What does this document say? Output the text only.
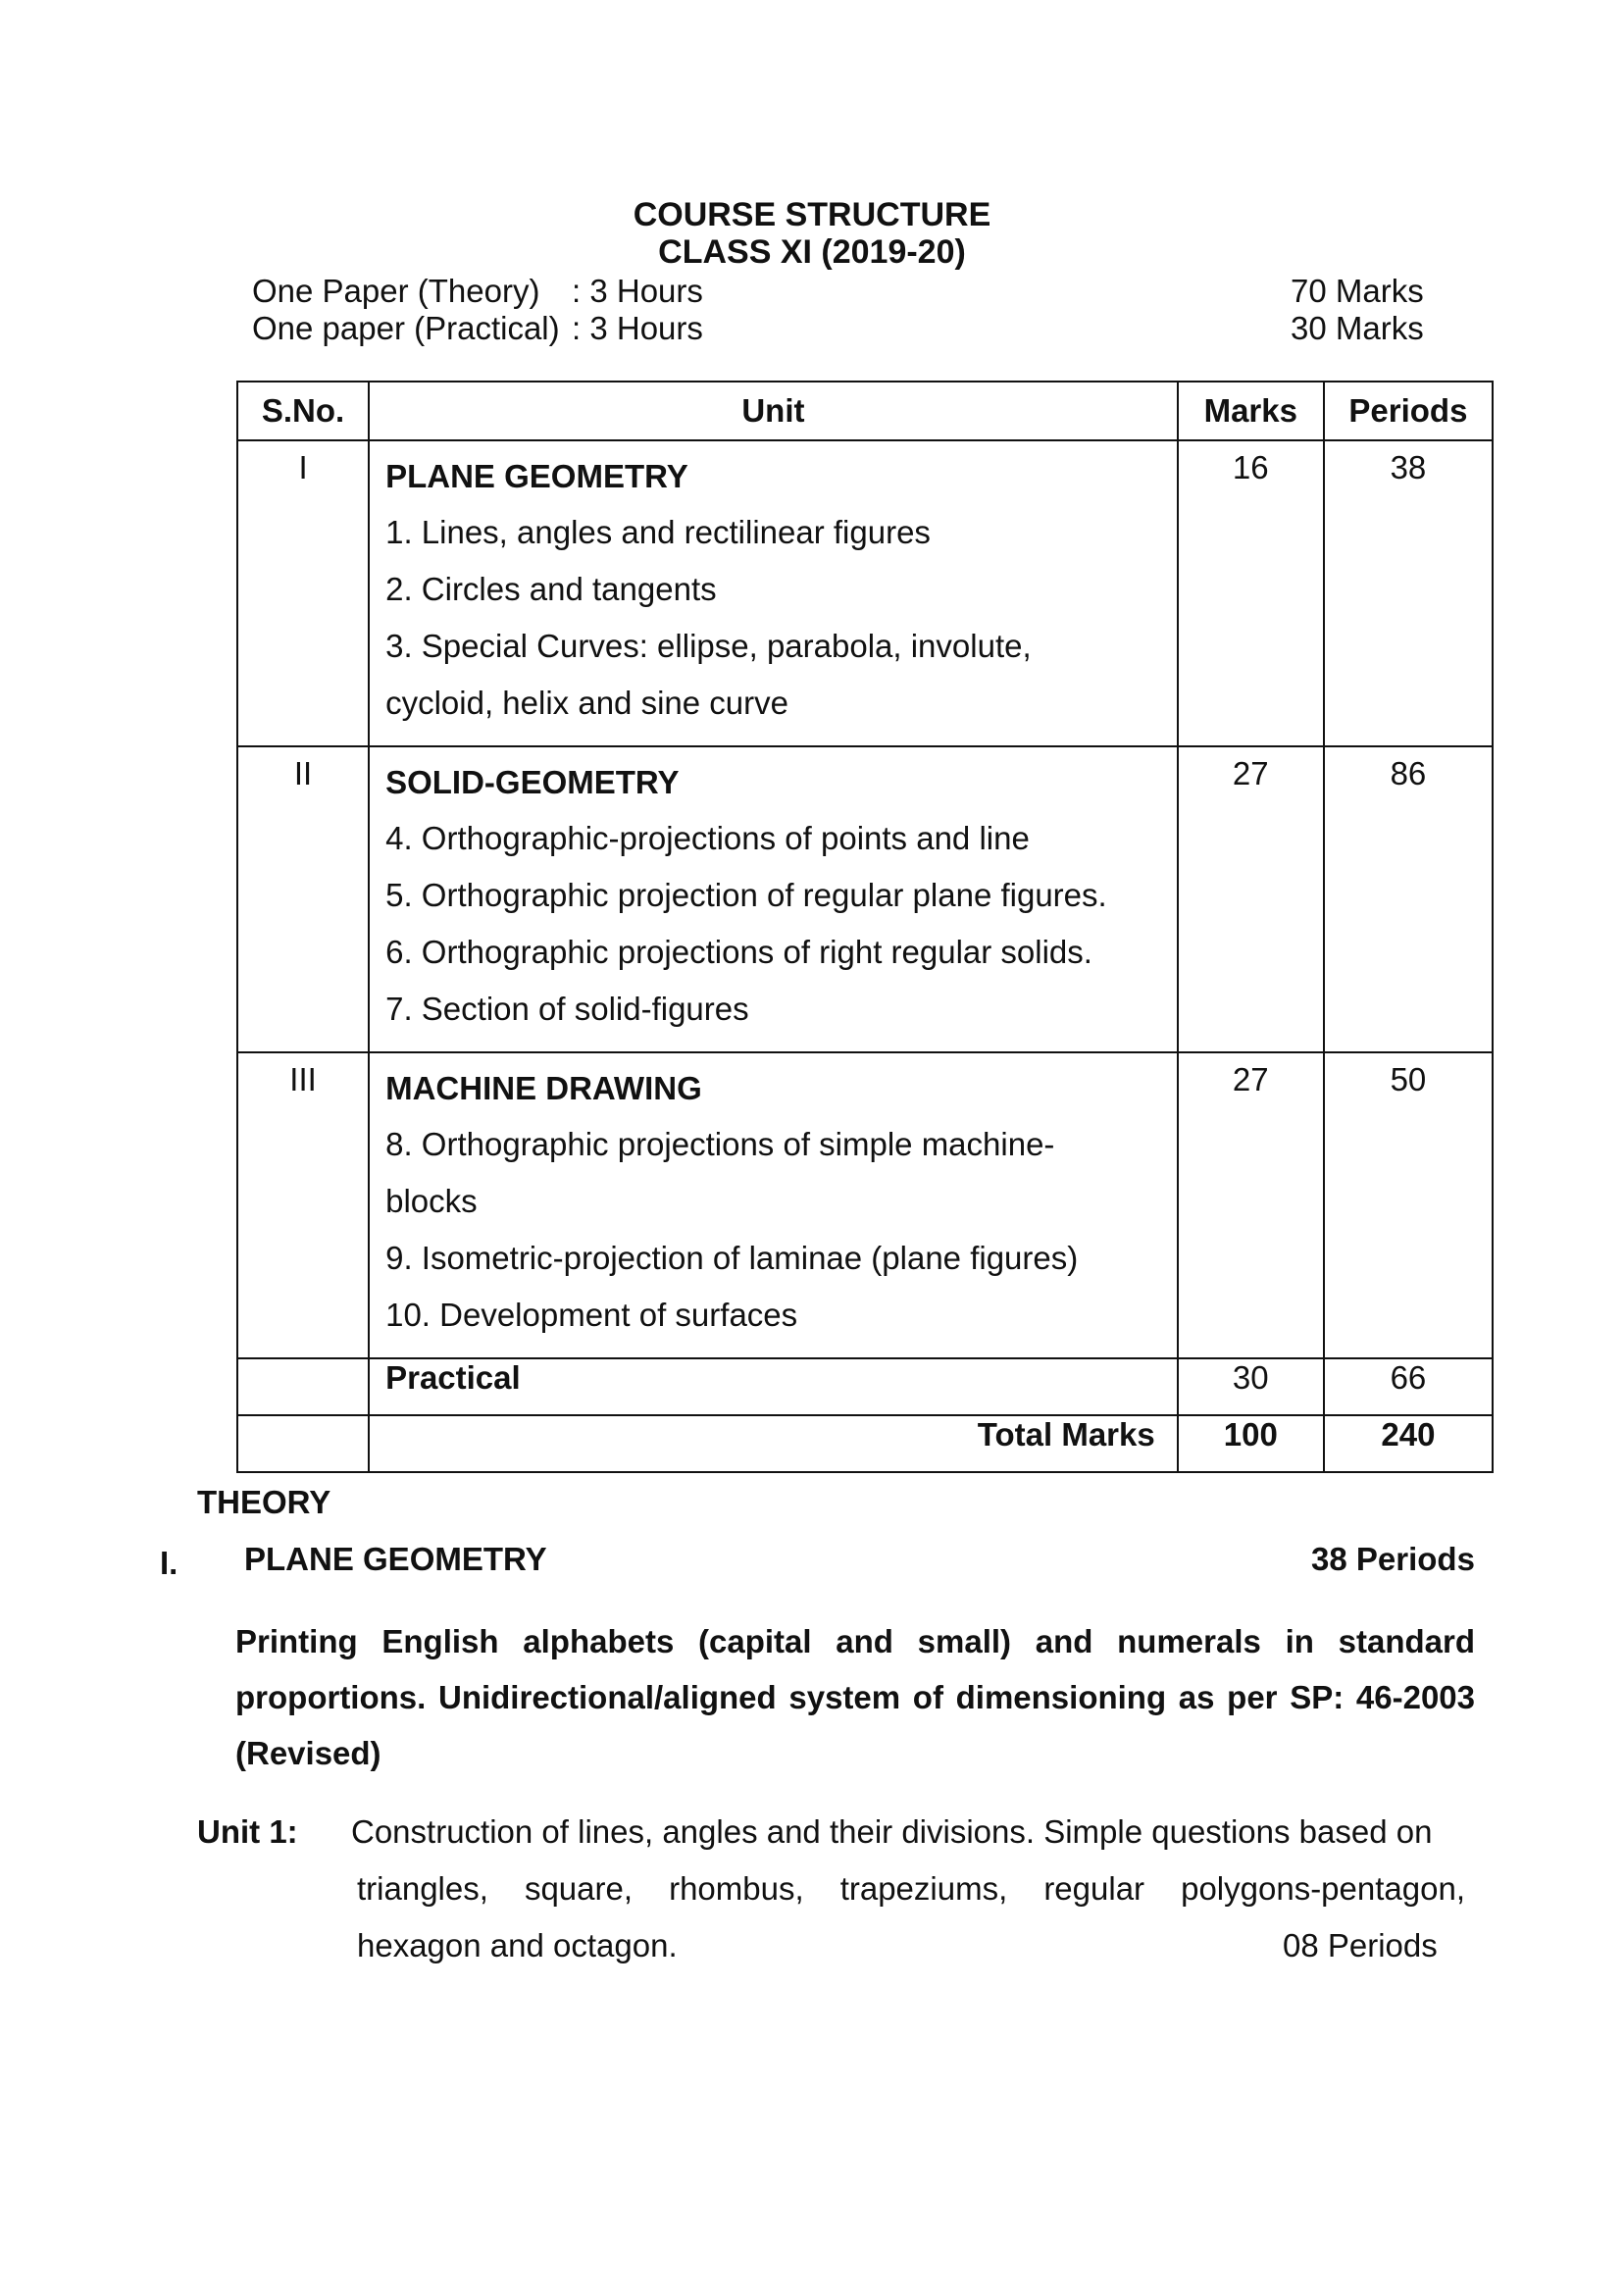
COURSE STRUCTURE
CLASS XI (2019-20)
One Paper (Theory) : 3 Hours	70 Marks
One paper (Practical) : 3 Hours	30 Marks
S.No.	Unit	Marks	Periods
I	PLANE GEOMETRY
1. Lines, angles and rectilinear figures
2. Circles and tangents
3. Special Curves: ellipse, parabola, involute, cycloid, helix and sine curve	16	38
II	SOLID-GEOMETRY
4. Orthographic-projections of points and line
5. Orthographic projection of regular plane figures.
6. Orthographic projections of right regular solids.
7. Section of solid-figures	27	86
III	MACHINE DRAWING
8. Orthographic projections of simple machine-blocks
9. Isometric-projection of laminae (plane figures)
10. Development of surfaces	27	50
	Practical	30	66
	Total Marks	100	240
THEORY
I. PLANE GEOMETRY	38 Periods
Printing English alphabets (capital and small) and numerals in standard proportions. Unidirectional/aligned system of dimensioning as per SP: 46-2003 (Revised)
Unit 1: Construction of lines, angles and their divisions. Simple questions based on
triangles, square, rhombus, trapeziums, regular polygons-pentagon,
hexagon and octagon.	08 Periods
